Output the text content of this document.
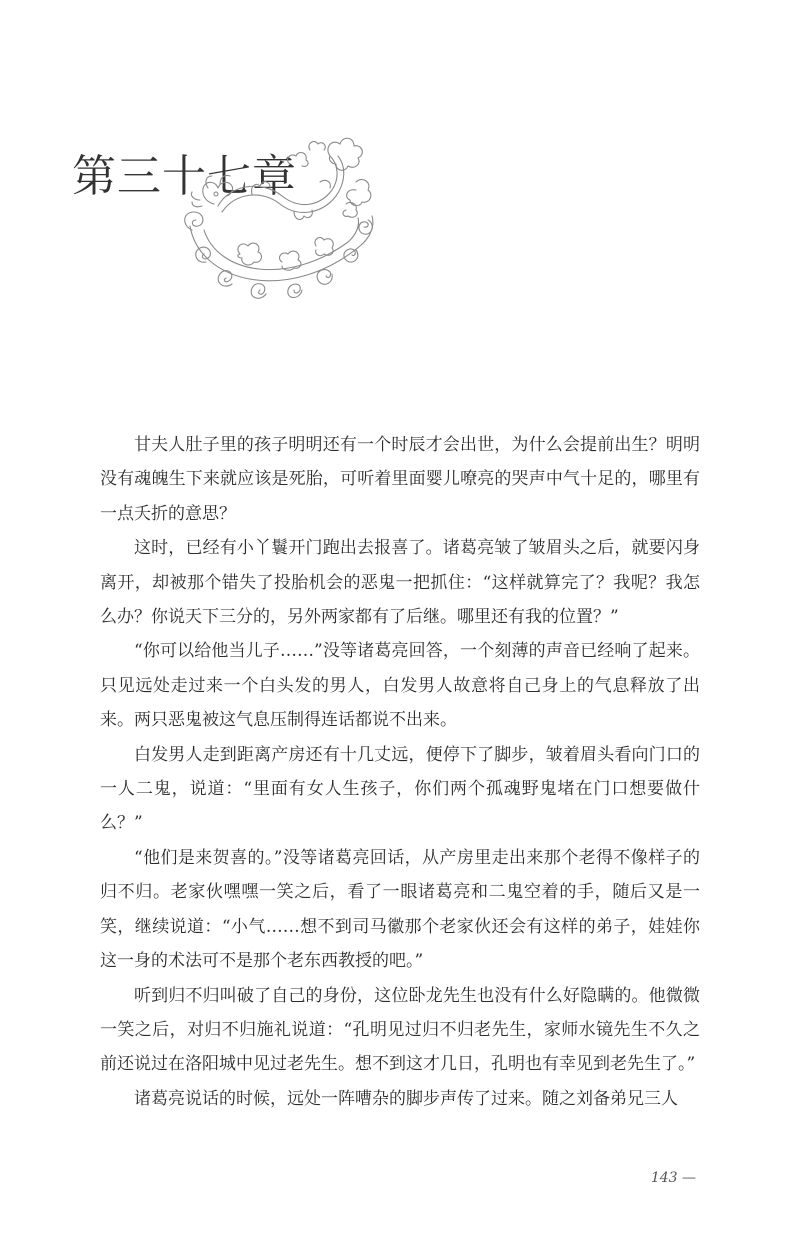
第三十七章

甘夫人肚子里的孩子明明还有一个时辰才会出世，为什么会提前出生？明明没有魂魄生下来就应该是死胎，可听着里面婴儿嘹亮的哭声中气十足的，哪里有一点夭折的意思？

这时，已经有小丫鬟开门跑出去报喜了。诸葛亮皱了皱眉头之后，就要闪身离开，却被那个错失了投胎机会的恶鬼一把抓住：“这样就算完了？我呢？我怎么办？你说天下三分的，另外两家都有了后继。哪里还有我的位置？”

“你可以给他当儿子……”没等诸葛亮回答，一个刻薄的声音已经响了起来。只见远处走过来一个白头发的男人，白发男人故意将自己身上的气息释放了出来。两只恶鬼被这气息压制得连话都说不出来。

白发男人走到距离产房还有十几丈远，便停下了脚步，皱着眉头看向门口的一人二鬼，说道：“里面有女人生孩子，你们两个孤魂野鬼堵在门口想要做什么？”

“他们是来贺喜的。”没等诸葛亮回话，从产房里走出来那个老得不像样子的归不归。老家伙嘿嘿一笑之后，看了一眼诸葛亮和二鬼空着的手，随后又是一笑，继续说道：“小气……想不到司马徽那个老家伙还会有这样的弟子，娃娃你这一身的术法可不是那个老东西教授的吧。”

听到归不归叫破了自己的身份，这位卧龙先生也没有什么好隐瞒的。他微微一笑之后，对归不归施礼说道：“孔明见过归不归老先生，家师水镜先生不久之前还说过在洛阳城中见过老先生。想不到这才几日，孔明也有幸见到老先生了。”

诸葛亮说话的时候，远处一阵嘈杂的脚步声传了过来。随之刘备弟兄三人

143 —
